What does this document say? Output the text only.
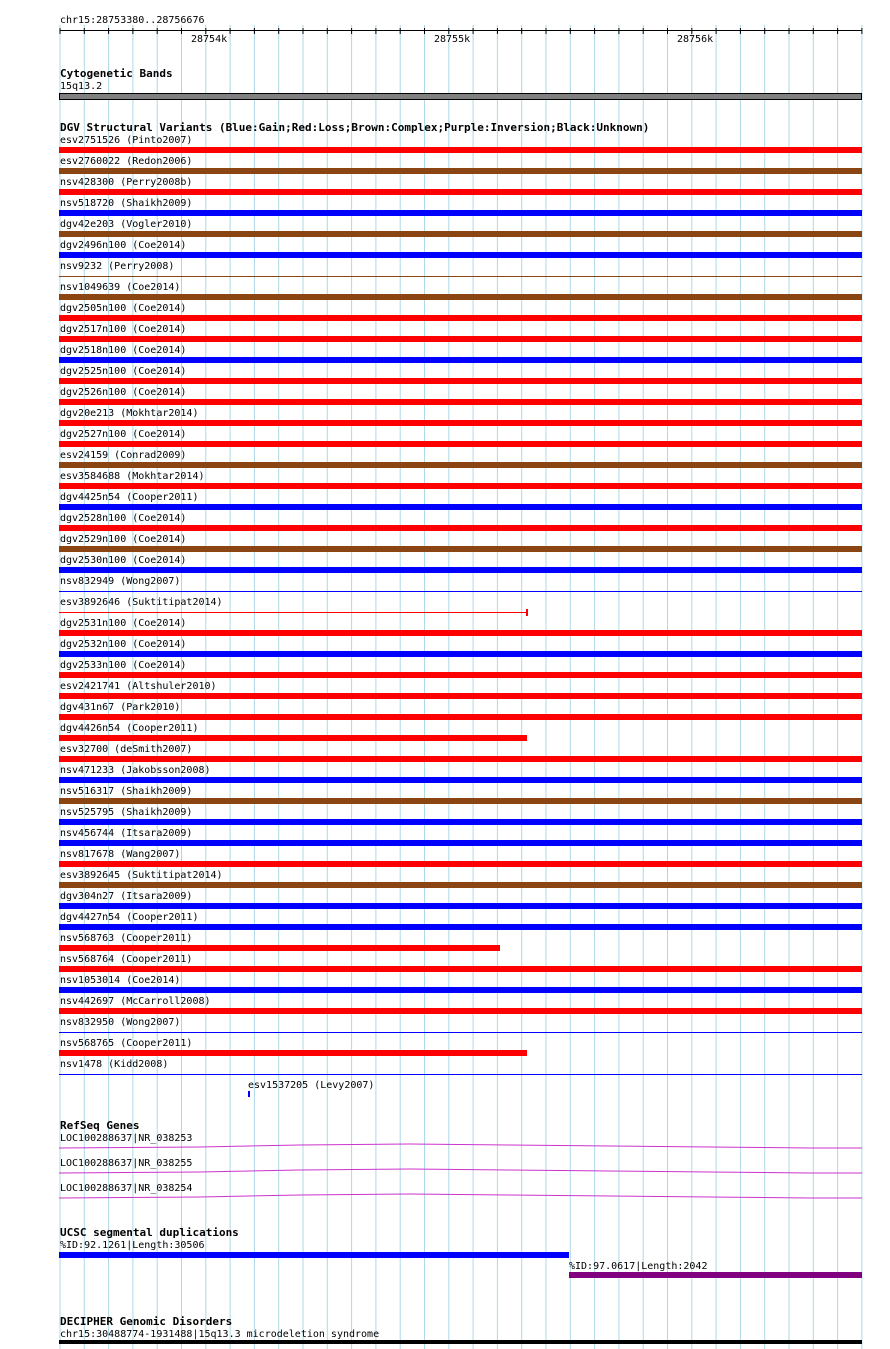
chr15:28753380..28756676
28754k	28755k	28756k
Cytogenetic Bands
15q13.2
DGV Structural Variants (Blue:Gain;Red:Loss;Brown:Complex;Purple:Inversion;Black:Unknown)
esv2751526 (Pinto2007)
esv2760022 (Redon2006)
nsv428300 (Perry2008b)
nsv518720 (Shaikh2009)
dgv42e203 (Vogler2010)
dgv2496n100 (Coe2014)
nsv9232 (Perry2008)
nsv1049639 (Coe2014)
dgv2505n100 (Coe2014)
dgv2517n100 (Coe2014)
dgv2518n100 (Coe2014)
dgv2525n100 (Coe2014)
dgv2526n100 (Coe2014)
dgv20e213 (Mokhtar2014)
dgv2527n100 (Coe2014)
esv24159 (Conrad2009)
esv3584688 (Mokhtar2014)
dgv4425n54 (Cooper2011)
dgv2528n100 (Coe2014)
dgv2529n100 (Coe2014)
dgv2530n100 (Coe2014)
nsv832949 (Wong2007)
esv3892646 (Suktitipat2014)
dgv2531n100 (Coe2014)
dgv2532n100 (Coe2014)
dgv2533n100 (Coe2014)
esv2421741 (Altshuler2010)
dgv431n67 (Park2010)
dgv4426n54 (Cooper2011)
esv32700 (deSmith2007)
nsv471233 (Jakobsson2008)
nsv516317 (Shaikh2009)
nsv525795 (Shaikh2009)
nsv456744 (Itsara2009)
nsv817678 (Wang2007)
esv3892645 (Suktitipat2014)
dgv304n27 (Itsara2009)
dgv4427n54 (Cooper2011)
nsv568763 (Cooper2011)
nsv568764 (Cooper2011)
nsv1053014 (Coe2014)
nsv442697 (McCarroll2008)
nsv832950 (Wong2007)
nsv568765 (Cooper2011)
nsv1478 (Kidd2008)
esv1537205 (Levy2007)
RefSeq Genes
LOC100288637|NR_038253
LOC100288637|NR_038255
LOC100288637|NR_038254
UCSC segmental duplications
%ID:92.1261|Length:30506
%ID:97.0617|Length:2042
DECIPHER Genomic Disorders
chr15:30488774-1931488|15q13.3 microdeletion syndrome
